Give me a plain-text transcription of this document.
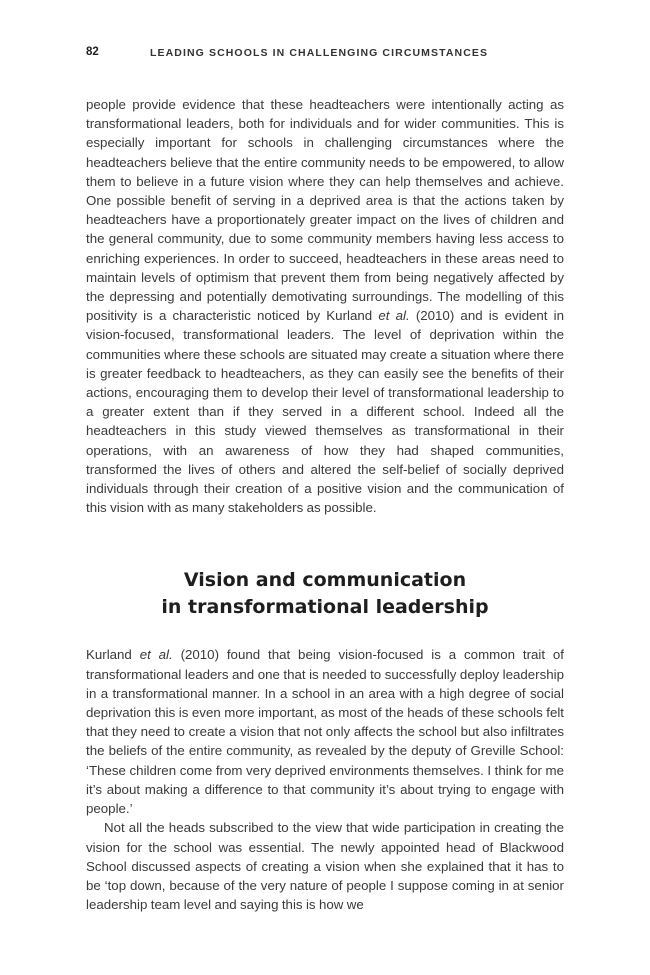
82	LEADING SCHOOLS IN CHALLENGING CIRCUMSTANCES

people provide evidence that these headteachers were intentionally acting as transformational leaders, both for individuals and for wider communities. This is especially important for schools in challenging circumstances where the headteachers believe that the entire community needs to be empowered, to allow them to believe in a future vision where they can help themselves and achieve. One possible benefit of serving in a deprived area is that the actions taken by headteachers have a proportionately greater impact on the lives of children and the general community, due to some community members having less access to enriching experiences. In order to succeed, headteachers in these areas need to maintain levels of optimism that prevent them from being negatively affected by the depressing and potentially demotivating surroundings. The modelling of this positivity is a characteristic noticed by Kurland et al. (2010) and is evident in vision-focused, transformational leaders. The level of deprivation within the communities where these schools are situated may create a situation where there is greater feedback to headteachers, as they can easily see the benefits of their actions, encouraging them to develop their level of transformational leadership to a greater extent than if they served in a different school. Indeed all the headteachers in this study viewed themselves as transformational in their operations, with an awareness of how they had shaped communities, transformed the lives of others and altered the self-belief of socially deprived individuals through their creation of a positive vision and the communication of this vision with as many stakeholders as possible.

Vision and communication
in transformational leadership

Kurland et al. (2010) found that being vision-focused is a common trait of transformational leaders and one that is needed to successfully deploy leadership in a transformational manner. In a school in an area with a high degree of social deprivation this is even more important, as most of the heads of these schools felt that they need to create a vision that not only affects the school but also infiltrates the beliefs of the entire community, as revealed by the deputy of Greville School: ‘These children come from very deprived environments themselves. I think for me it’s about making a difference to that community it’s about trying to engage with people.’

Not all the heads subscribed to the view that wide participation in creating the vision for the school was essential. The newly appointed head of Blackwood School discussed aspects of creating a vision when she explained that it has to be ‘top down, because of the very nature of people I suppose coming in at senior leadership team level and saying this is how we
